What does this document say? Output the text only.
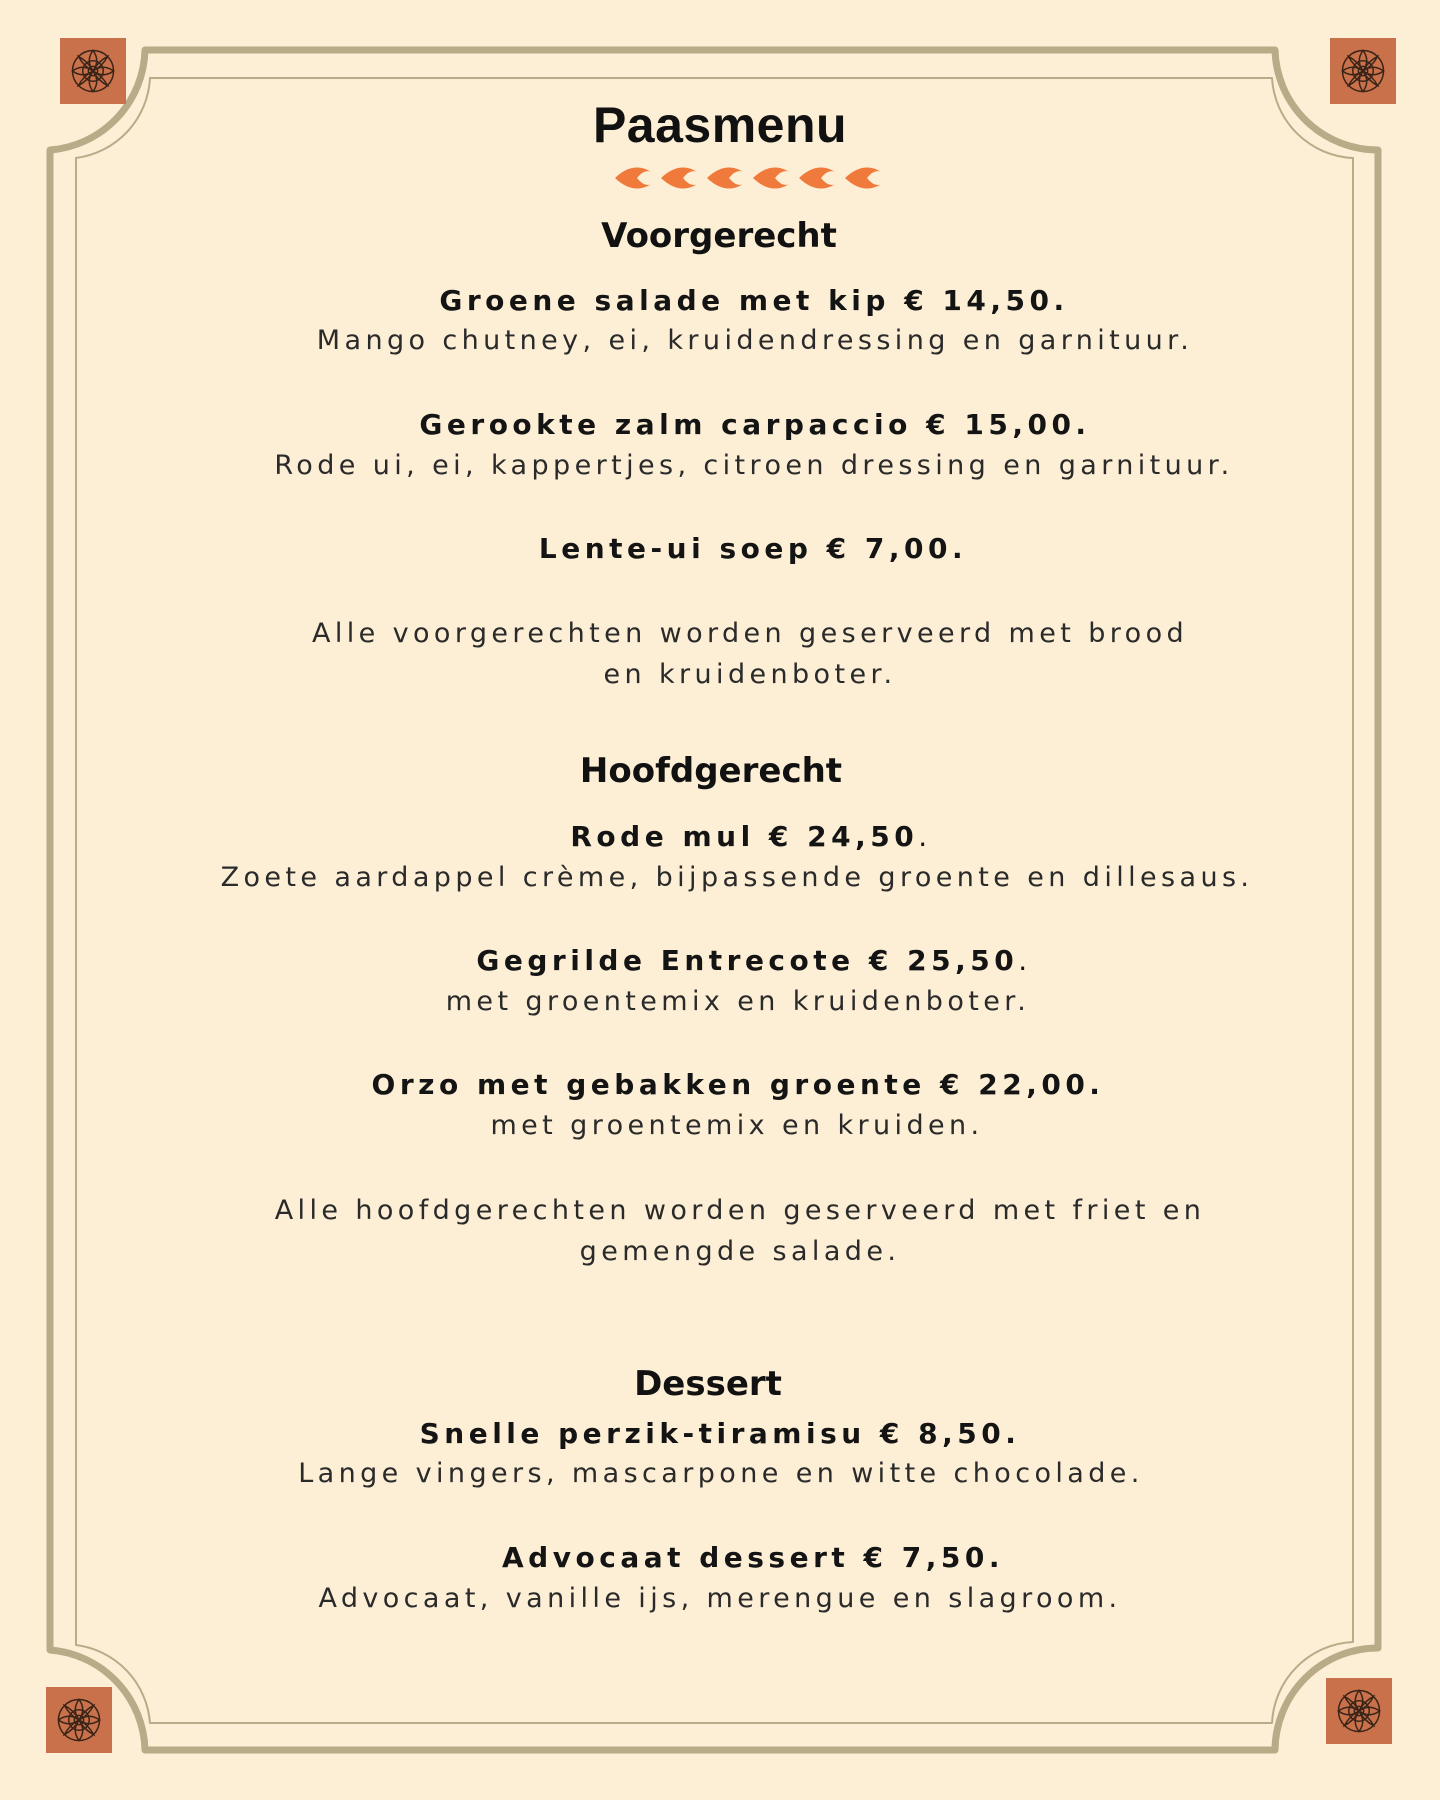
Paasmenu
Voorgerecht
Groene salade met kip € 14,50.
Mango chutney, ei, kruidendressing en garnituur.
Gerookte zalm carpaccio € 15,00.
Rode ui, ei, kappertjes, citroen dressing en garnituur.
Lente-ui soep € 7,00.
Alle voorgerechten worden geserveerd met brood en kruidenboter.
Hoofdgerecht
Rode mul € 24,50.
Zoete aardappel crème, bijpassende groente en dillesaus.
Gegrilde Entrecote € 25,50.
met groentemix en kruidenboter.
Orzo met gebakken groente € 22,00.
met groentemix en kruiden.
Alle hoofdgerechten worden geserveerd met friet en gemengde salade.
Dessert
Snelle perzik-tiramisu € 8,50.
Lange vingers, mascarpone en witte chocolade.
Advocaat dessert € 7,50.
Advocaat, vanille ijs, merengue en slagroom.
